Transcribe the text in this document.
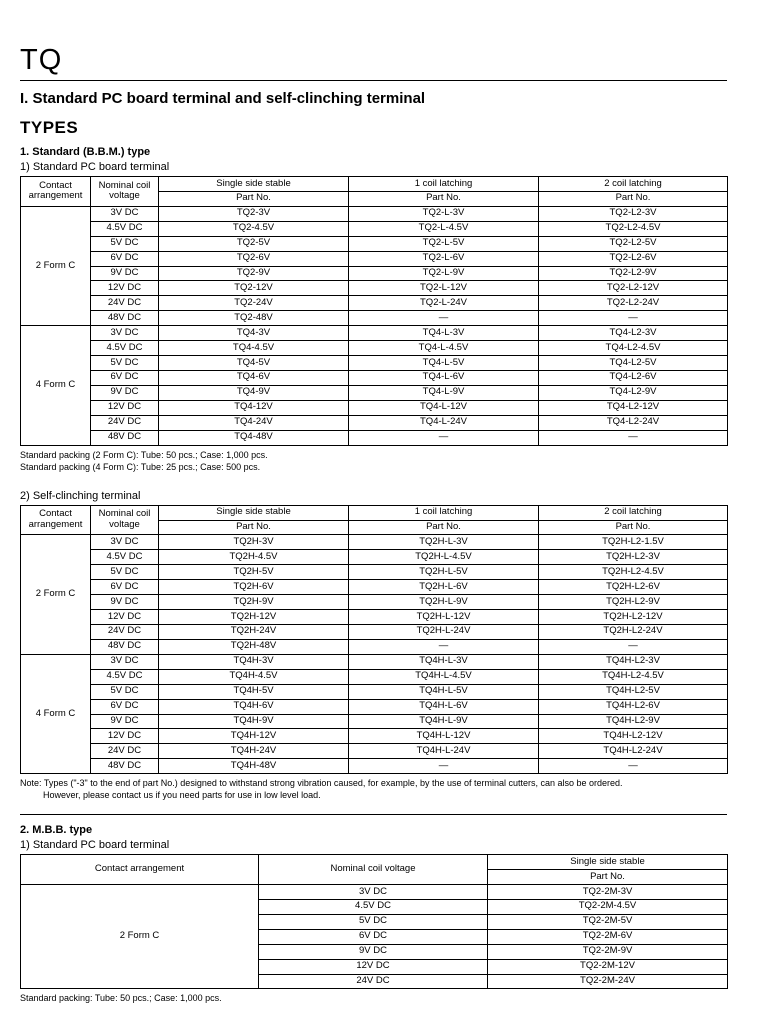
TQ
I. Standard PC board terminal and self-clinching terminal
TYPES
1. Standard (B.B.M.) type
1) Standard PC board terminal
Contact arrangement	Nominal coil voltage	Single side stable	1 coil latching	2 coil latching
		Part No.	Part No.	Part No.
2 Form C	3V DC	TQ2-3V	TQ2-L-3V	TQ2-L2-3V
	4.5V DC	TQ2-4.5V	TQ2-L-4.5V	TQ2-L2-4.5V
	5V DC	TQ2-5V	TQ2-L-5V	TQ2-L2-5V
	6V DC	TQ2-6V	TQ2-L-6V	TQ2-L2-6V
	9V DC	TQ2-9V	TQ2-L-9V	TQ2-L2-9V
	12V DC	TQ2-12V	TQ2-L-12V	TQ2-L2-12V
	24V DC	TQ2-24V	TQ2-L-24V	TQ2-L2-24V
	48V DC	TQ2-48V	—	—
4 Form C	3V DC	TQ4-3V	TQ4-L-3V	TQ4-L2-3V
	4.5V DC	TQ4-4.5V	TQ4-L-4.5V	TQ4-L2-4.5V
	5V DC	TQ4-5V	TQ4-L-5V	TQ4-L2-5V
	6V DC	TQ4-6V	TQ4-L-6V	TQ4-L2-6V
	9V DC	TQ4-9V	TQ4-L-9V	TQ4-L2-9V
	12V DC	TQ4-12V	TQ4-L-12V	TQ4-L2-12V
	24V DC	TQ4-24V	TQ4-L-24V	TQ4-L2-24V
	48V DC	TQ4-48V	—	—
Standard packing (2 Form C): Tube: 50 pcs.; Case: 1,000 pcs.
Standard packing (4 Form C): Tube: 25 pcs.; Case: 500 pcs.
2) Self-clinching terminal
Contact arrangement	Nominal coil voltage	Single side stable	1 coil latching	2 coil latching
		Part No.	Part No.	Part No.
2 Form C	3V DC	TQ2H-3V	TQ2H-L-3V	TQ2H-L2-1.5V
	4.5V DC	TQ2H-4.5V	TQ2H-L-4.5V	TQ2H-L2-3V
	5V DC	TQ2H-5V	TQ2H-L-5V	TQ2H-L2-4.5V
	6V DC	TQ2H-6V	TQ2H-L-6V	TQ2H-L2-6V
	9V DC	TQ2H-9V	TQ2H-L-9V	TQ2H-L2-9V
	12V DC	TQ2H-12V	TQ2H-L-12V	TQ2H-L2-12V
	24V DC	TQ2H-24V	TQ2H-L-24V	TQ2H-L2-24V
	48V DC	TQ2H-48V	—	—
4 Form C	3V DC	TQ4H-3V	TQ4H-L-3V	TQ4H-L2-3V
	4.5V DC	TQ4H-4.5V	TQ4H-L-4.5V	TQ4H-L2-4.5V
	5V DC	TQ4H-5V	TQ4H-L-5V	TQ4H-L2-5V
	6V DC	TQ4H-6V	TQ4H-L-6V	TQ4H-L2-6V
	9V DC	TQ4H-9V	TQ4H-L-9V	TQ4H-L2-9V
	12V DC	TQ4H-12V	TQ4H-L-12V	TQ4H-L2-12V
	24V DC	TQ4H-24V	TQ4H-L-24V	TQ4H-L2-24V
	48V DC	TQ4H-48V	—	—
Note: Types ("-3" to the end of part No.) designed to withstand strong vibration caused, for example, by the use of terminal cutters, can also be ordered.
However, please contact us if you need parts for use in low level load.
2. M.B.B. type
1) Standard PC board terminal
Contact arrangement	Nominal coil voltage	Single side stable
		Part No.
2 Form C	3V DC	TQ2-2M-3V
	4.5V DC	TQ2-2M-4.5V
	5V DC	TQ2-2M-5V
	6V DC	TQ2-2M-6V
	9V DC	TQ2-2M-9V
	12V DC	TQ2-2M-12V
	24V DC	TQ2-2M-24V
Standard packing: Tube: 50 pcs.; Case: 1,000 pcs.
